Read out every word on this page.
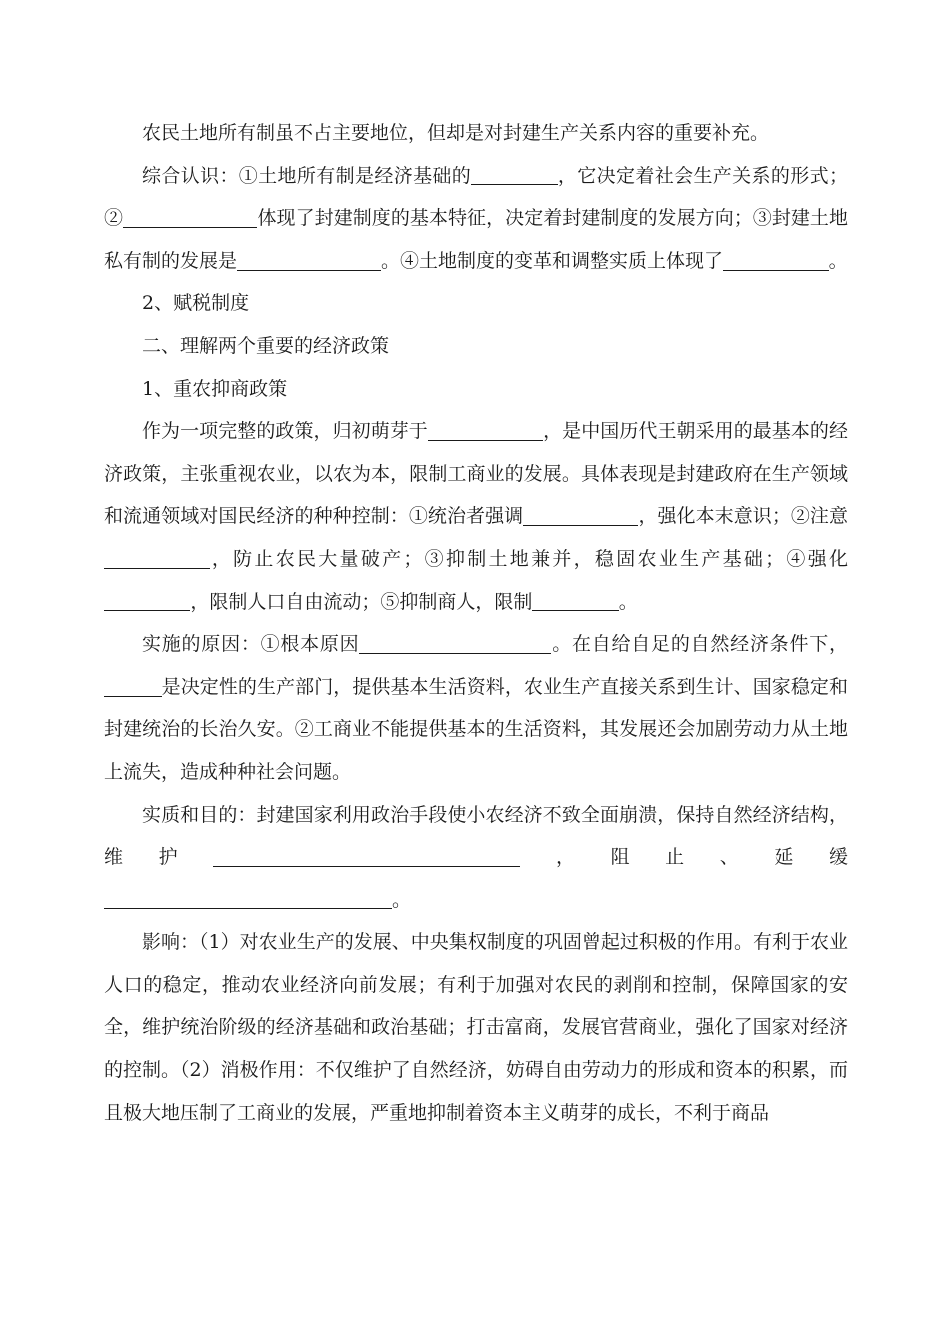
农民土地所有制虽不占主要地位，但却是对封建生产关系内容的重要补充。

综合认识：①土地所有制是经济基础的	，它决定着社会生产关系的形式；②	体现了封建制度的基本特征，决定着封建制度的发展方向；③封建土地私有制的发展是	。④土地制度的变革和调整实质上体现了	。

2、赋税制度

二、理解两个重要的经济政策

1、重农抑商政策

作为一项完整的政策，归初萌芽于	，是中国历代王朝采用的最基本的经济政策，主张重视农业，以农为本，限制工商业的发展。具体表现是封建政府在生产领域和流通领域对国民经济的种种控制：①统治者强调	，强化本末意识；②注意，防止农民大量破产；③抑制土地兼并，稳固农业生产基础；④强化，限制人口自由流动；⑤抑制商人，限制	。

实施的原因：①根本原因	。在自给自足的自然经济条件下，是决定性的生产部门，提供基本生活资料，农业生产直接关系到生计、国家稳定和封建统治的长治久安。②工商业不能提供基本的生活资料，其发展还会加剧劳动力从土地上流失，造成种种社会问题。

实质和目的：封建国家利用政治手段使小农经济不致全面崩溃，保持自然经济结构，维护	，阻止、延缓。

影响：（1）对农业生产的发展、中央集权制度的巩固曾起过积极的作用。有利于农业人口的稳定，推动农业经济向前发展；有利于加强对农民的剥削和控制，保障国家的安全，维护统治阶级的经济基础和政治基础；打击富商，发展官营商业，强化了国家对经济的控制。（2）消极作用：不仅维护了自然经济，妨碍自由劳动力的形成和资本的积累，而且极大地压制了工商业的发展，严重地抑制着资本主义萌芽的成长，不利于商品
